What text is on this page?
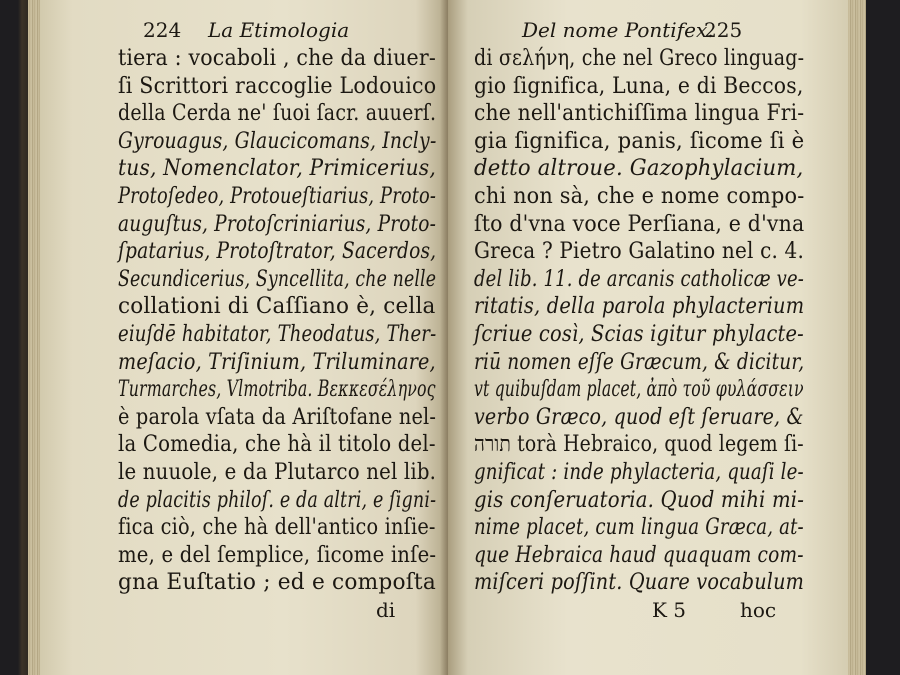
224 La Etimologia
tiera : vocaboli , che da diuer-
ſi Scrittori raccoglie Lodouico
della Cerda ne' ſuoi ſacr. auuerſ.
Gyrouagus, Glaucicomans, Inclу-
tus, Nomenclator, Primicerius,
Protoſedeo, Protoueſtiarius, Proto-
auguſtus, Protoſcriniarius, Proto-
ſpatarius, Protoſtrator, Sacerdos,
Secundicerius, Syncellita, che nelle
collationi di Caſſiano è, cella
eiuſdē habitator, Theodatus, Ther-
meſacio, Triſinium, Triluminare,
Turmarches, Vlmotriba. Βεκκεσέληνος
è parola vſata da Ariſtofane nel-
la Comedia, che hà il titolo del-
le nuuole, e da Plutarco nel lib.
de placitis philoſ. e da altri, e ſigni-
fica ciò, che hà dell'antico inſie-
me, e del ſemplice, ſicome inſe-
gna Euſtatio ; ed e compoſta
di
Del nome Pontifex.
225
di σελήνη, che nel Greco linguag-
gio ſignifica, Luna, e di Beccos,
che nell'antichiſſima lingua Fri-
gia ſignifica, panis, ſicome ſi è
detto altroue. Gazophylacium,
chi non sà, che e nome compo-
ſto d'vna voce Perſiana, e d'vna
Greca ? Pietro Galatino nel c. 4.
del lib. 11. de arcanis catholicæ ve-
ritatis, della parola phylacterium
ſcriue così, Scias igitur phylacte-
riū nomen eſſe Græcum, & dicitur,
vt quibuſdam placet, ἀπὸ τοῦ φυλάσσειν
verbo Græco, quod eſt ſeruare, &
תורה torà Hebraico, quod legem ſi-
gnificat : inde phylacteria, quaſi le-
gis conſeruatoria. Quod mihi mi-
nime placet, cum lingua Græca, at-
que Hebraica haud quaquam com-
miſceri poſſint. Quare vocabulum
K 5	hoc
